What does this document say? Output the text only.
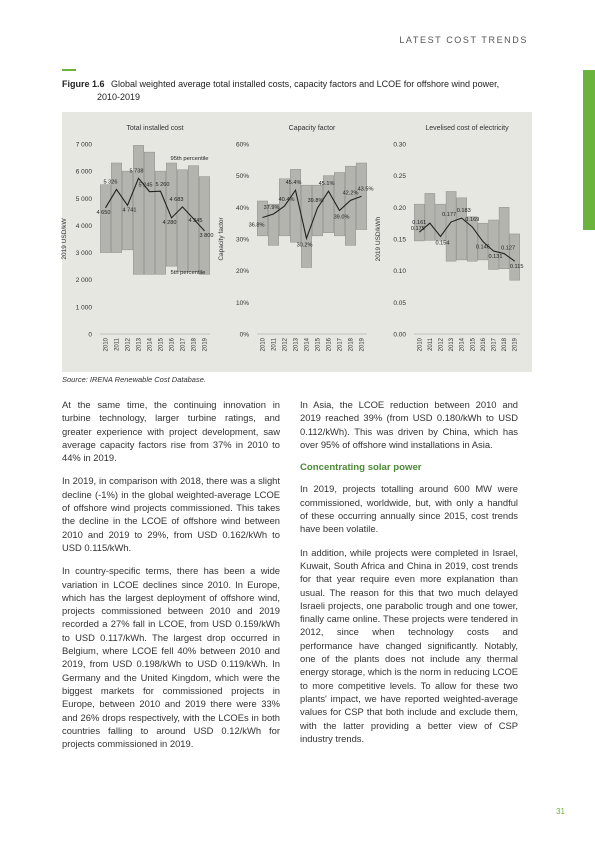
LATEST COST TRENDS
Figure 1.6 Global weighted average total installed costs, capacity factors and LCOE for offshore wind power,
2010-2019
Total installed cost
0
1 000
2 000
3 000
4 000
5 000
6 000
7 000
2019 USD/kW
4 650
5 326
4 741
5 738
5 245 5 260
4 280
4 683
4 245
3 800
2010 2011 2012 2013 2014 2015 2016 2017 2018 2019
95th percentile
5th percentile
Capacity factor
0%
10%
20%
30%
40%
50%
60%
Capacity factor	36.8%
37.9%
40.4%
45.4%
30.2%
39.8%
45.1%
39.0%
42.2%
43.5%
2010 2011 2012 2013 2014 2015 2016 2017 2018 2019
Levelised cost of electricity
0.00
0.05
0.10
0.15
0.20
0.25
0.30
2019 USD/kWh	0.161
0.175
0.154
0.177
0.183
0.169
0.146
0.131
0.127
0.115
2010 2011 2012 2013 2014 2015 2016 2017 2018 2019
Source: IRENA Renewable Cost Database.

At the same time, the continuing innovation in turbine technology, larger turbine ratings, and greater experience with project development, saw average capacity factors rise from 37% in 2010 to 44% in 2019.

In 2019, in comparison with 2018, there was a slight decline (-1%) in the global weighted-average LCOE of offshore wind projects commissioned. This takes the decline in the LCOE of offshore wind between 2010 and 2019 to 29%, from USD 0.162/kWh to USD 0.115/kWh.

In country-specific terms, there has been a wide variation in LCOE declines since 2010. In Europe, which has the largest deployment of offshore wind, projects commissioned between 2010 and 2019 recorded a 27% fall in LCOE, from USD 0.159/kWh to USD 0.117/kWh. The largest drop occurred in Belgium, where LCOE fell 40% between 2010 and 2019, from USD 0.198/kWh to USD 0.119/kWh. In Germany and the United Kingdom, which were the biggest markets for commissioned projects in Europe, between 2010 and 2019 there were 33% and 26% drops respectively, with the LCOEs in both countries falling to around USD 0.12/kWh for projects commissioned in 2019.

In Asia, the LCOE reduction between 2010 and 2019 reached 39% (from USD 0.180/kWh to USD 0.112/kWh). This was driven by China, which has over 95% of offshore wind installations in Asia.

Concentrating solar power

In 2019, projects totalling around 600 MW were commissioned, worldwide, but, with only a handful of these occurring annually since 2015, cost trends have been volatile.

In addition, while projects were completed in Israel, Kuwait, South Africa and China in 2019, cost trends for that year require even more explanation than usual. The reason for this that two much delayed Israeli projects, one parabolic trough and one tower, finally came online. These projects were tendered in 2012, since when technology costs and performance have changed significantly. Notably, one of the plants does not include any thermal energy storage, which is the norm in reducing LCOE to more competitive levels. To allow for these two plants' impact, we have reported weighted-average values for CSP that both include and exclude them, with the latter providing a better view of CSP industry trends.

31
